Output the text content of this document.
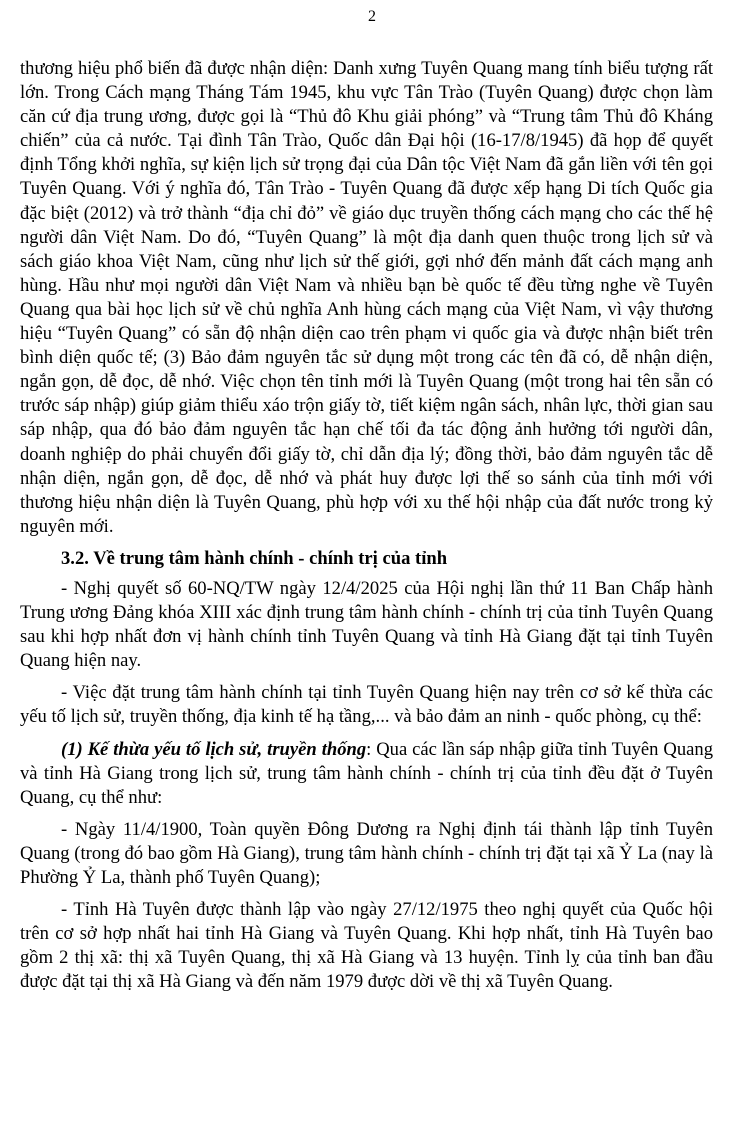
2

thương hiệu phổ biến đã được nhận diện: Danh xưng Tuyên Quang mang tính biểu tượng rất lớn. Trong Cách mạng Tháng Tám 1945, khu vực Tân Trào (Tuyên Quang) được chọn làm căn cứ địa trung ương, được gọi là “Thủ đô Khu giải phóng” và “Trung tâm Thủ đô Kháng chiến” của cả nước. Tại đình Tân Trào, Quốc dân Đại hội (16-17/8/1945) đã họp để quyết định Tổng khởi nghĩa, sự kiện lịch sử trọng đại của Dân tộc Việt Nam đã gắn liền với tên gọi Tuyên Quang. Với ý nghĩa đó, Tân Trào - Tuyên Quang đã được xếp hạng Di tích Quốc gia đặc biệt (2012) và trở thành “địa chỉ đỏ” về giáo dục truyền thống cách mạng cho các thế hệ người dân Việt Nam. Do đó, “Tuyên Quang” là một địa danh quen thuộc trong lịch sử và sách giáo khoa Việt Nam, cũng như lịch sử thế giới, gợi nhớ đến mảnh đất cách mạng anh hùng. Hầu như mọi người dân Việt Nam và nhiều bạn bè quốc tế đều từng nghe về Tuyên Quang qua bài học lịch sử về chủ nghĩa Anh hùng cách mạng của Việt Nam, vì vậy thương hiệu “Tuyên Quang” có sẵn độ nhận diện cao trên phạm vi quốc gia và được nhận biết trên bình diện quốc tế; (3) Bảo đảm nguyên tắc sử dụng một trong các tên đã có, dễ nhận diện, ngắn gọn, dễ đọc, dễ nhớ. Việc chọn tên tỉnh mới là Tuyên Quang (một trong hai tên sẵn có trước sáp nhập) giúp giảm thiểu xáo trộn giấy tờ, tiết kiệm ngân sách, nhân lực, thời gian sau sáp nhập, qua đó bảo đảm nguyên tắc hạn chế tối đa tác động ảnh hưởng tới người dân, doanh nghiệp do phải chuyển đổi giấy tờ, chỉ dẫn địa lý; đồng thời, bảo đảm nguyên tắc dễ nhận diện, ngắn gọn, dễ đọc, dễ nhớ và phát huy được lợi thế so sánh của tỉnh mới với thương hiệu nhận diện là Tuyên Quang, phù hợp với xu thế hội nhập của đất nước trong kỷ nguyên mới.

3.2. Về trung tâm hành chính - chính trị của tỉnh

- Nghị quyết số 60-NQ/TW ngày 12/4/2025 của Hội nghị lần thứ 11 Ban Chấp hành Trung ương Đảng khóa XIII xác định trung tâm hành chính - chính trị của tỉnh Tuyên Quang sau khi hợp nhất đơn vị hành chính tỉnh Tuyên Quang và tỉnh Hà Giang đặt tại tỉnh Tuyên Quang hiện nay.

- Việc đặt trung tâm hành chính tại tỉnh Tuyên Quang hiện nay trên cơ sở kế thừa các yếu tố lịch sử, truyền thống, địa kinh tế hạ tầng,... và bảo đảm an ninh - quốc phòng, cụ thể:

(1) Kế thừa yếu tố lịch sử, truyền thống: Qua các lần sáp nhập giữa tỉnh Tuyên Quang và tỉnh Hà Giang trong lịch sử, trung tâm hành chính - chính trị của tỉnh đều đặt ở Tuyên Quang, cụ thể như:

- Ngày 11/4/1900, Toàn quyền Đông Dương ra Nghị định tái thành lập tỉnh Tuyên Quang (trong đó bao gồm Hà Giang), trung tâm hành chính - chính trị đặt tại xã Ỷ La (nay là Phường Ỷ La, thành phố Tuyên Quang);

- Tỉnh Hà Tuyên được thành lập vào ngày 27/12/1975 theo nghị quyết của Quốc hội trên cơ sở hợp nhất hai tỉnh Hà Giang và Tuyên Quang. Khi hợp nhất, tỉnh Hà Tuyên bao gồm 2 thị xã: thị xã Tuyên Quang, thị xã Hà Giang và 13 huyện. Tỉnh lỵ của tỉnh ban đầu được đặt tại thị xã Hà Giang và đến năm 1979 được dời về thị xã Tuyên Quang.
